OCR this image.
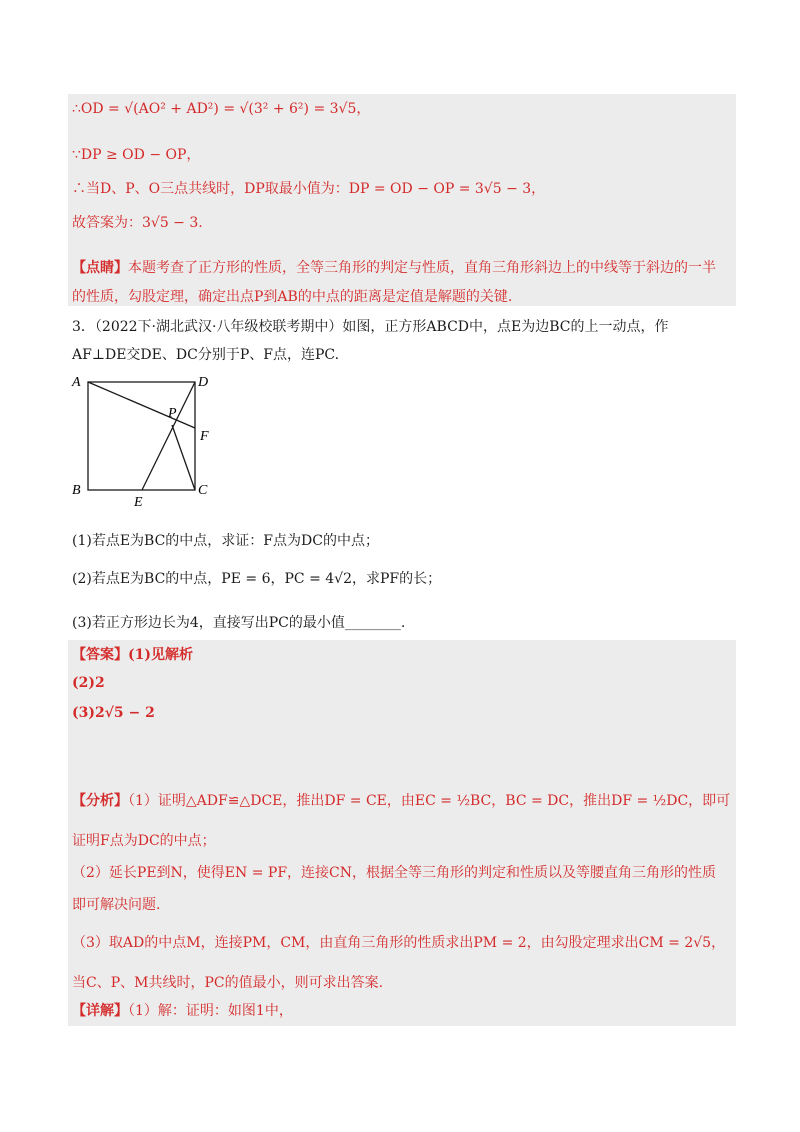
∴OD = √(AO² + AD²) = √(3² + 6²) = 3√5，
∵DP ≥ OD − OP，
∴当D、P、O三点共线时，DP取最小值为：DP = OD − OP = 3√5 − 3，
故答案为：3√5 − 3.
【点睛】本题考查了正方形的性质，全等三角形的判定与性质，直角三角形斜边上的中线等于斜边的一半
的性质，勾股定理，确定出点P到AB的中点的距离是定值是解题的关键.
3．（2022下·湖北武汉·八年级校联考期中）如图，正方形ABCD中，点E为边BC的上一动点，作
AF⊥DE交DE、DC分别于P、F点，连PC.
A	D
P
F
B
E
C
(1)若点E为BC的中点，求证：F点为DC的中点；
(2)若点E为BC的中点，PE = 6，PC = 4√2，求PF的长；
(3)若正方形边长为4，直接写出PC的最小值________.
【答案】(1)见解析
(2)2
(3)2√5 − 2
【分析】（1）证明△ADF≌△DCE，推出DF = CE，由EC = ½BC，BC = DC，推出DF = ½DC，即可
证明F点为DC的中点；
（2）延长PE到N，使得EN = PF，连接CN，根据全等三角形的判定和性质以及等腰直角三角形的性质
即可解决问题.
（3）取AD的中点M，连接PM，CM，由直角三角形的性质求出PM = 2，由勾股定理求出CM = 2√5，
当C、P、M共线时，PC的值最小，则可求出答案.
【详解】（1）解：证明：如图1中，
